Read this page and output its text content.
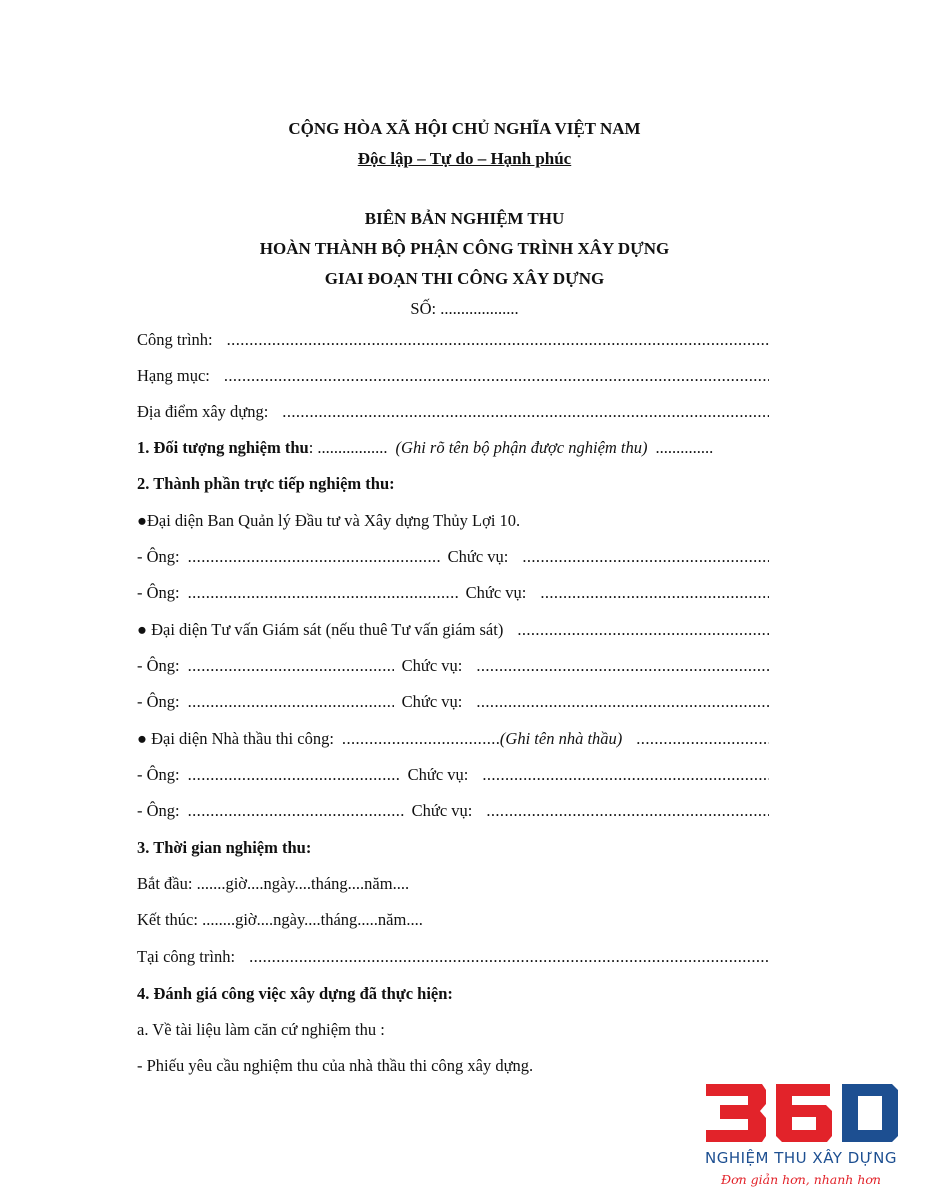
CỘNG HÒA XÃ HỘI CHỦ NGHĨA VIỆT NAM
Độc lập – Tự do – Hạnh phúc
BIÊN BẢN NGHIỆM THU
HOÀN THÀNH BỘ PHẬN CÔNG TRÌNH XÂY DỰNG
GIAI ĐOẠN THI CÔNG XÂY DỰNG
SỐ: ...................
Công trình:
.....
Hạng mục:
.....
Địa điểm xây dựng:
.....
1. Đối tượng nghiệm thu : ................. (Ghi rõ tên bộ phận được nghiệm thu) ..............
2. Thành phần trực tiếp nghiệm thu:
●Đại diện Ban Quản lý Đầu tư và Xây dựng Thủy Lợi 10.
- Ông: .....	Chức vụ:
.....
- Ông: .....	Chức vụ:
.....
● Đại diện Tư vấn Giám sát (nếu thuê Tư vấn giám sát)
.....
- Ông: .....	Chức vụ:
.....
- Ông: .....	Chức vụ:
.....
● Đại diện Nhà thầu thi công: .....	(Ghi tên nhà thầu)
.....
- Ông: .....	Chức vụ:
.....
- Ông: .....	Chức vụ:
.....
3. Thời gian nghiệm thu:
Bắt đầu: .......giờ....ngày....tháng....năm....
Kết thúc: ........giờ....ngày....tháng.....năm....
Tại công trình:
.....
4. Đánh giá công việc xây dựng đã thực hiện:
a. Về tài liệu làm căn cứ nghiệm thu :
- Phiếu yêu cầu nghiệm thu của nhà thầu thi công xây dựng.
NGHIỆM THU XÂY DỰNG
Đơn giản hơn, nhanh hơn
